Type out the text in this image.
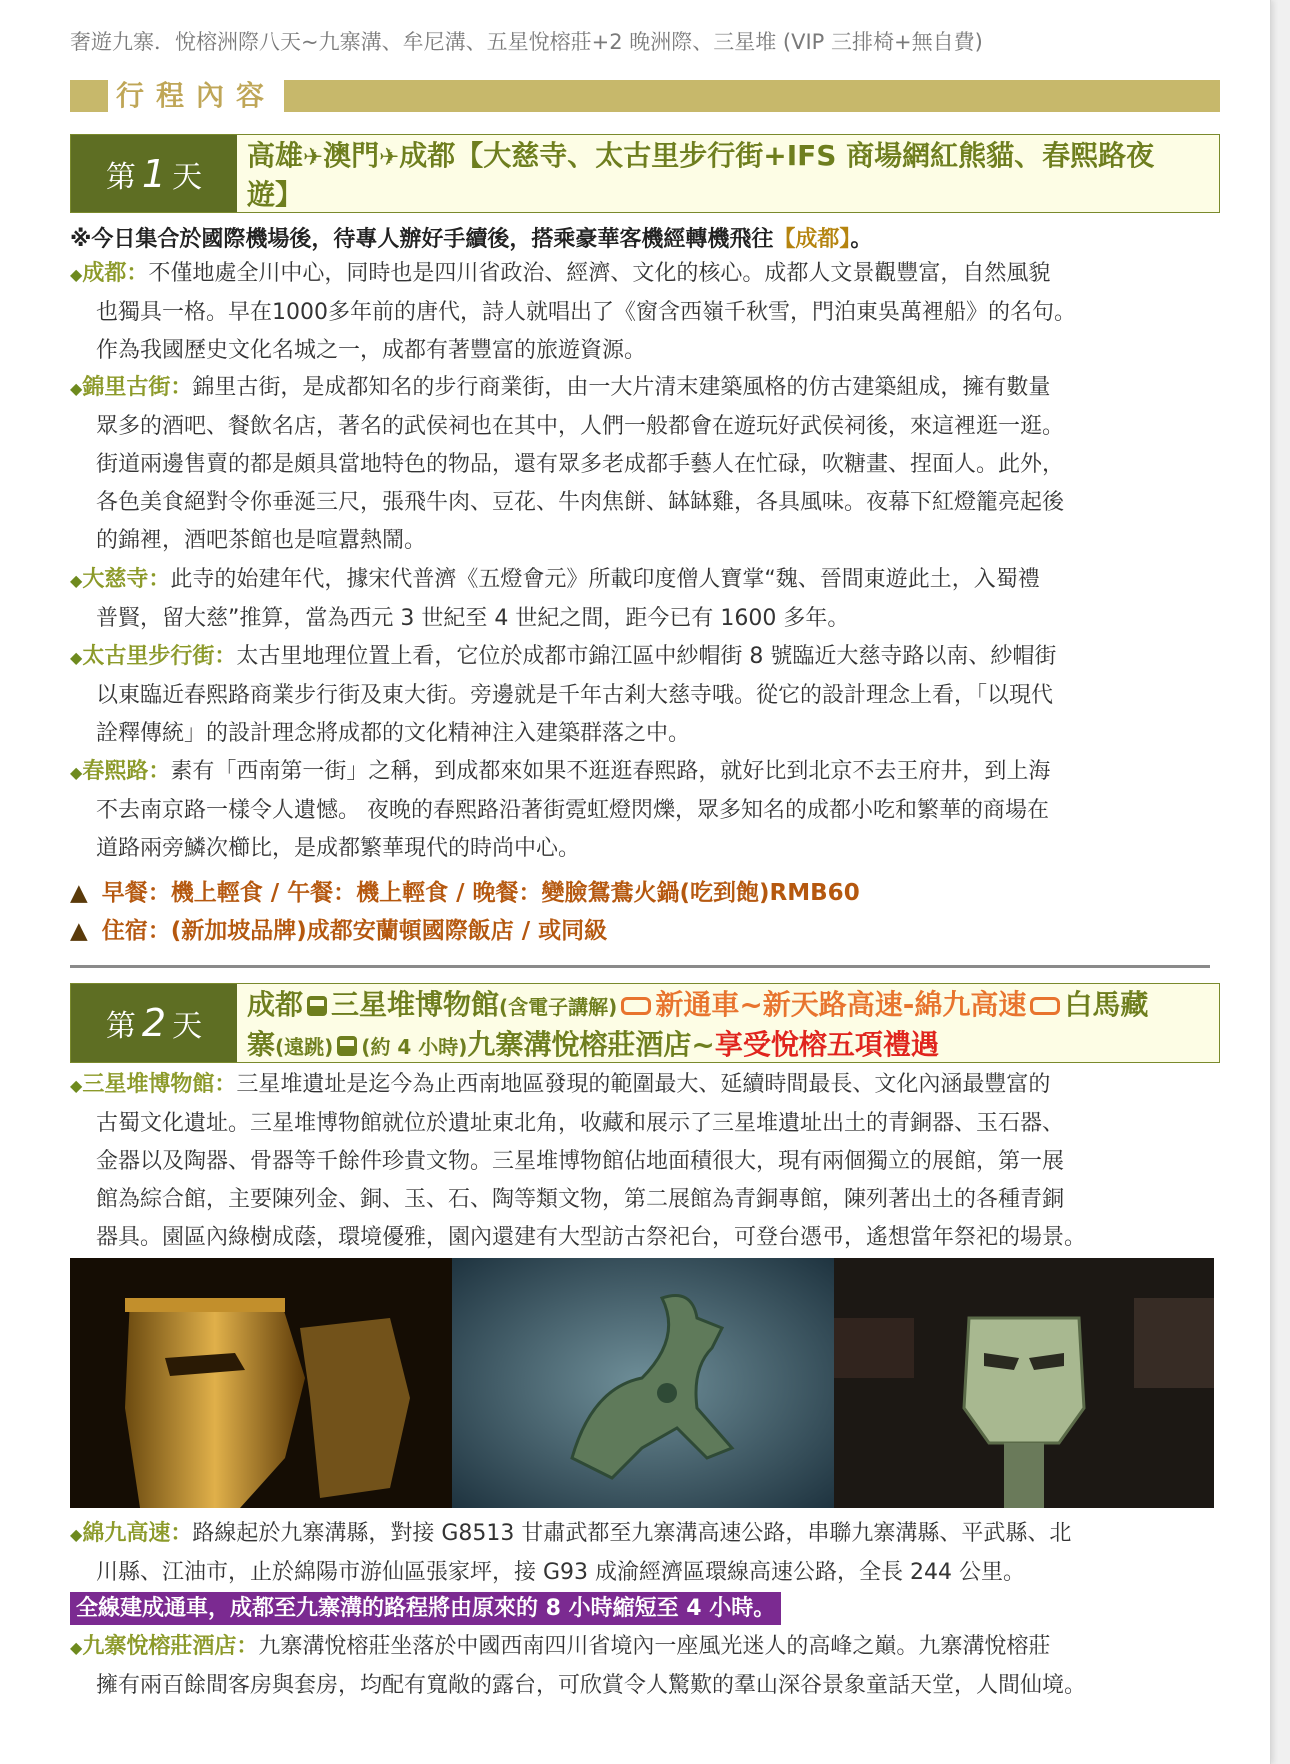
奢遊九寨．悅榕洲際八天~九寨溝、牟尼溝、五星悅榕莊+2 晚洲際、三星堆 (VIP 三排椅+無自費)
行程內容
第 1 天
高雄✈澳門✈成都【大慈寺、太古里步行街+IFS 商場網紅熊貓、春熙路夜
遊】
※今日集合於國際機場後，待專人辦好手續後，搭乘豪華客機經轉機飛往【成都】。
◆成都：不僅地處全川中心，同時也是四川省政治、經濟、文化的核心。成都人文景觀豐富，自然風貌
也獨具一格。早在1000多年前的唐代，詩人就唱出了《窗含西嶺千秋雪，門泊東吳萬裡船》的名句。
作為我國歷史文化名城之一，成都有著豐富的旅遊資源。
◆錦里古街：錦里古街，是成都知名的步行商業街，由一大片清末建築風格的仿古建築組成，擁有數量
眾多的酒吧、餐飲名店，著名的武侯祠也在其中，人們一般都會在遊玩好武侯祠後，來這裡逛一逛。
街道兩邊售賣的都是頗具當地特色的物品，還有眾多老成都手藝人在忙碌，吹糖畫、捏面人。此外，
各色美食絕對令你垂涎三尺，張飛牛肉、豆花、牛肉焦餅、缽缽雞，各具風味。夜幕下紅燈籠亮起後
的錦裡，酒吧茶館也是喧囂熱鬧。
◆大慈寺：此寺的始建年代，據宋代普濟《五燈會元》所載印度僧人寶掌“魏、晉間東遊此土，入蜀禮
普賢，留大慈”推算，當為西元 3 世紀至 4 世紀之間，距今已有 1600 多年。
◆太古里步行街：太古里地理位置上看，它位於成都市錦江區中紗帽街 8 號臨近大慈寺路以南、紗帽街
以東臨近春熙路商業步行街及東大街。旁邊就是千年古剎大慈寺哦。從它的設計理念上看，「以現代
詮釋傳統」的設計理念將成都的文化精神注入建築群落之中。
◆春熙路：素有「西南第一街」之稱，到成都來如果不逛逛春熙路，就好比到北京不去王府井，到上海
不去南京路一樣令人遺憾。 夜晚的春熙路沿著街霓虹燈閃爍，眾多知名的成都小吃和繁華的商場在
道路兩旁鱗次櫛比，是成都繁華現代的時尚中心。
▲ 早餐：機上輕食 / 午餐：機上輕食 / 晚餐：變臉鴛鴦火鍋(吃到飽)RMB60
▲ 住宿：(新加坡品牌)成都安蘭頓國際飯店 / 或同級
第 2 天
成都 三星堆博物館(含電子講解) 新通車~新天路高速-綿九高速 白馬藏
寨(遠跳) (約 4 小時)九寨溝悅榕莊酒店~享受悅榕五項禮遇
◆三星堆博物館：三星堆遺址是迄今為止西南地區發現的範圍最大、延續時間最長、文化內涵最豐富的
古蜀文化遺址。三星堆博物館就位於遺址東北角，收藏和展示了三星堆遺址出土的青銅器、玉石器、
金器以及陶器、骨器等千餘件珍貴文物。三星堆博物館佔地面積很大，現有兩個獨立的展館，第一展
館為綜合館，主要陳列金、銅、玉、石、陶等類文物，第二展館為青銅專館，陳列著出土的各種青銅
器具。園區內綠樹成蔭，環境優雅，園內還建有大型訪古祭祀台，可登台憑弔，遙想當年祭祀的場景。
◆綿九高速：路線起於九寨溝縣，對接 G8513 甘肅武都至九寨溝高速公路，串聯九寨溝縣、平武縣、北
川縣、江油市，止於綿陽市游仙區張家坪，接 G93 成渝經濟區環線高速公路，全長 244 公里。
全線建成通車，成都至九寨溝的路程將由原來的 8 小時縮短至 4 小時。
◆九寨悅榕莊酒店：九寨溝悅榕莊坐落於中國西南四川省境內一座風光迷人的高峰之巔。九寨溝悅榕莊
擁有兩百餘間客房與套房，均配有寬敞的露台，可欣賞令人驚歎的羣山深谷景象童話天堂，人間仙境。
